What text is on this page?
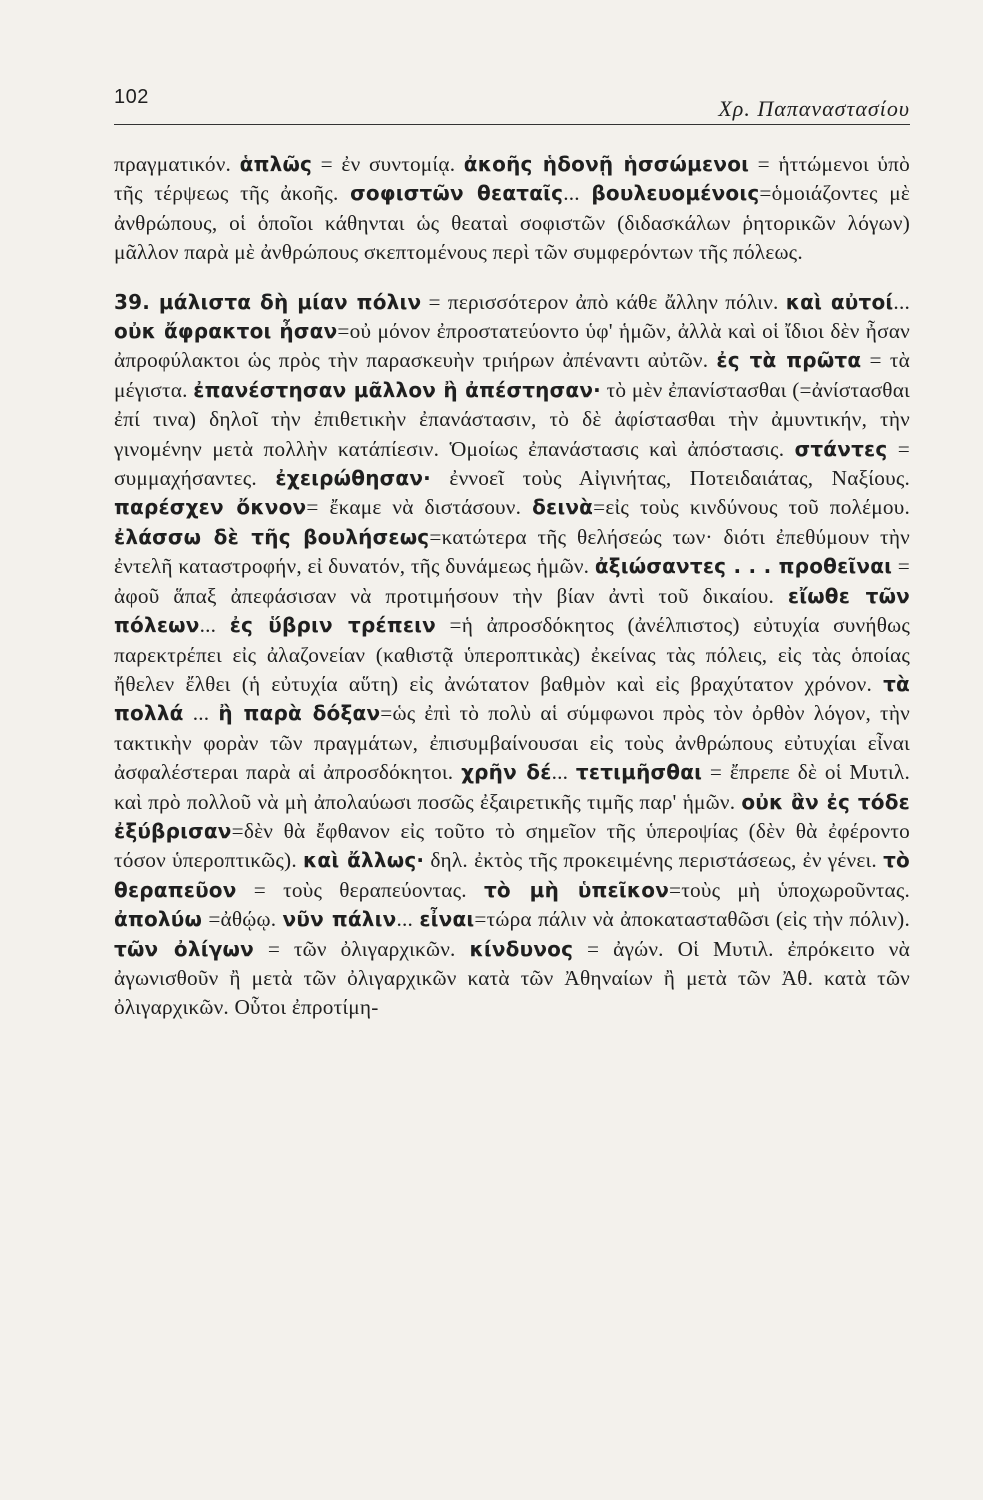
102	Χρ. Παπαναστασίου

πραγματικόν. ἁπλῶς = ἐν συντομίᾳ. ἀκοῆς ἡδονῇ ἡσσώμενοι = ἡττώμενοι ὑπὸ τῆς τέρψεως τῆς ἀκοῆς. σοφιστῶν θεαταῖς... βουλευομένοις=ὁμοιάζοντες μὲ ἀνθρώπους, οἱ ὁποῖοι κάθηνται ὡς θεαταὶ σοφιστῶν (διδασκάλων ῥητορικῶν λόγων) μᾶλλον παρὰ μὲ ἀνθρώπους σκεπτομένους περὶ τῶν συμφερόντων τῆς πόλεως.

39. μάλιστα δὴ μίαν πόλιν = περισσότερον ἀπὸ κάθε ἄλλην πόλιν. καὶ αὐτοί... οὐκ ἄφρακτοι ἦσαν=οὐ μόνον ἐπροστατεύοντο ὑφ' ἡμῶν, ἀλλὰ καὶ οἱ ἴδιοι δὲν ἦσαν ἀπροφύλακτοι ὡς πρὸς τὴν παρασκευὴν τριήρων ἀπέναντι αὐτῶν. ἐς τὰ πρῶτα = τὰ μέγιστα. ἐπανέστησαν μᾶλλον ἢ ἀπέστησαν· τὸ μὲν ἐπανίστασθαι (=ἀνίστασθαι ἐπί τινα) δηλοῖ τὴν ἐπιθετικὴν ἐπανάστασιν, τὸ δὲ ἀφίστασθαι τὴν ἀμυντικήν, τὴν γινομένην μετὰ πολλὴν κατάπίεσιν. Ὁμοίως ἐπανάστασις καὶ ἀπόστασις. στάντες = συμμαχήσαντες. ἐχειρώθησαν· ἐννοεῖ τοὺς Αἰγινήτας, Ποτειδαιάτας, Ναξίους. παρέσχεν ὄκνον= ἔκαμε νὰ διστάσουν. δεινὰ=εἰς τοὺς κινδύνους τοῦ πολέμου. ἐλάσσω δὲ τῆς βουλήσεως=κατώτερα τῆς θελήσεώς των· διότι ἐπεθύμουν τὴν ἐντελῆ καταστροφήν, εἰ δυνατόν, τῆς δυνάμεως ἡμῶν. ἀξιώσαντες . . . προθεῖναι = ἀφοῦ ἅπαξ ἀπεφάσισαν νὰ προτιμήσουν τὴν βίαν ἀντὶ τοῦ δικαίου. εἴωθε τῶν πόλεων... ἐς ὕβριν τρέπειν =ἡ ἀπροσδόκητος (ἀνέλπιστος) εὐτυχία συνήθως παρεκτρέπει εἰς ἀλαζονείαν (καθιστᾷ ὑπεροπτικὰς) ἐκείνας τὰς πόλεις, εἰς τὰς ὁποίας ἤθελεν ἔλθει (ἡ εὐτυχία αὕτη) εἰς ἀνώτατον βαθμὸν καὶ εἰς βραχύτατον χρόνον. τὰ πολλά ... ἢ παρὰ δόξαν=ὡς ἐπὶ τὸ πολὺ αἱ σύμφωνοι πρὸς τὸν ὀρθὸν λόγον, τὴν τακτικὴν φορὰν τῶν πραγμάτων, ἐπισυμβαίνουσαι εἰς τοὺς ἀνθρώπους εὐτυχίαι εἶναι ἀσφαλέστεραι παρὰ αἱ ἀπροσδόκητοι. χρῆν δέ... τετιμῆσθαι = ἔπρεπε δὲ οἱ Μυτιλ. καὶ πρὸ πολλοῦ νὰ μὴ ἀπολαύωσι ποσῶς ἐξαιρετικῆς τιμῆς παρ' ἡμῶν. οὐκ ἂν ἐς τόδε ἐξύβρισαν=δὲν θὰ ἔφθανον εἰς τοῦτο τὸ σημεῖον τῆς ὑπεροψίας (δὲν θὰ ἐφέροντο τόσον ὑπεροπτικῶς). καὶ ἄλλως· δηλ. ἐκτὸς τῆς προκειμένης περιστάσεως, ἐν γένει. τὸ θεραπεῦον = τοὺς θεραπεύοντας. τὸ μὴ ὑπεῖκον=τοὺς μὴ ὑποχωροῦντας. ἀπολύω =ἀθῴῳ. νῦν πάλιν... εἶναι=τώρα πάλιν νὰ ἀποκατασταθῶσι (εἰς τὴν πόλιν). τῶν ὀλίγων = τῶν ὀλιγαρχικῶν. κίνδυνος = ἀγών. Οἱ Μυτιλ. ἐπρόκειτο νὰ ἀγωνισθοῦν ἢ μετὰ τῶν ὀλιγαρχικῶν κατὰ τῶν Ἀθηναίων ἢ μετὰ τῶν Ἀθ. κατὰ τῶν ὀλιγαρχικῶν. Οὗτοι ἐπροτίμη-
